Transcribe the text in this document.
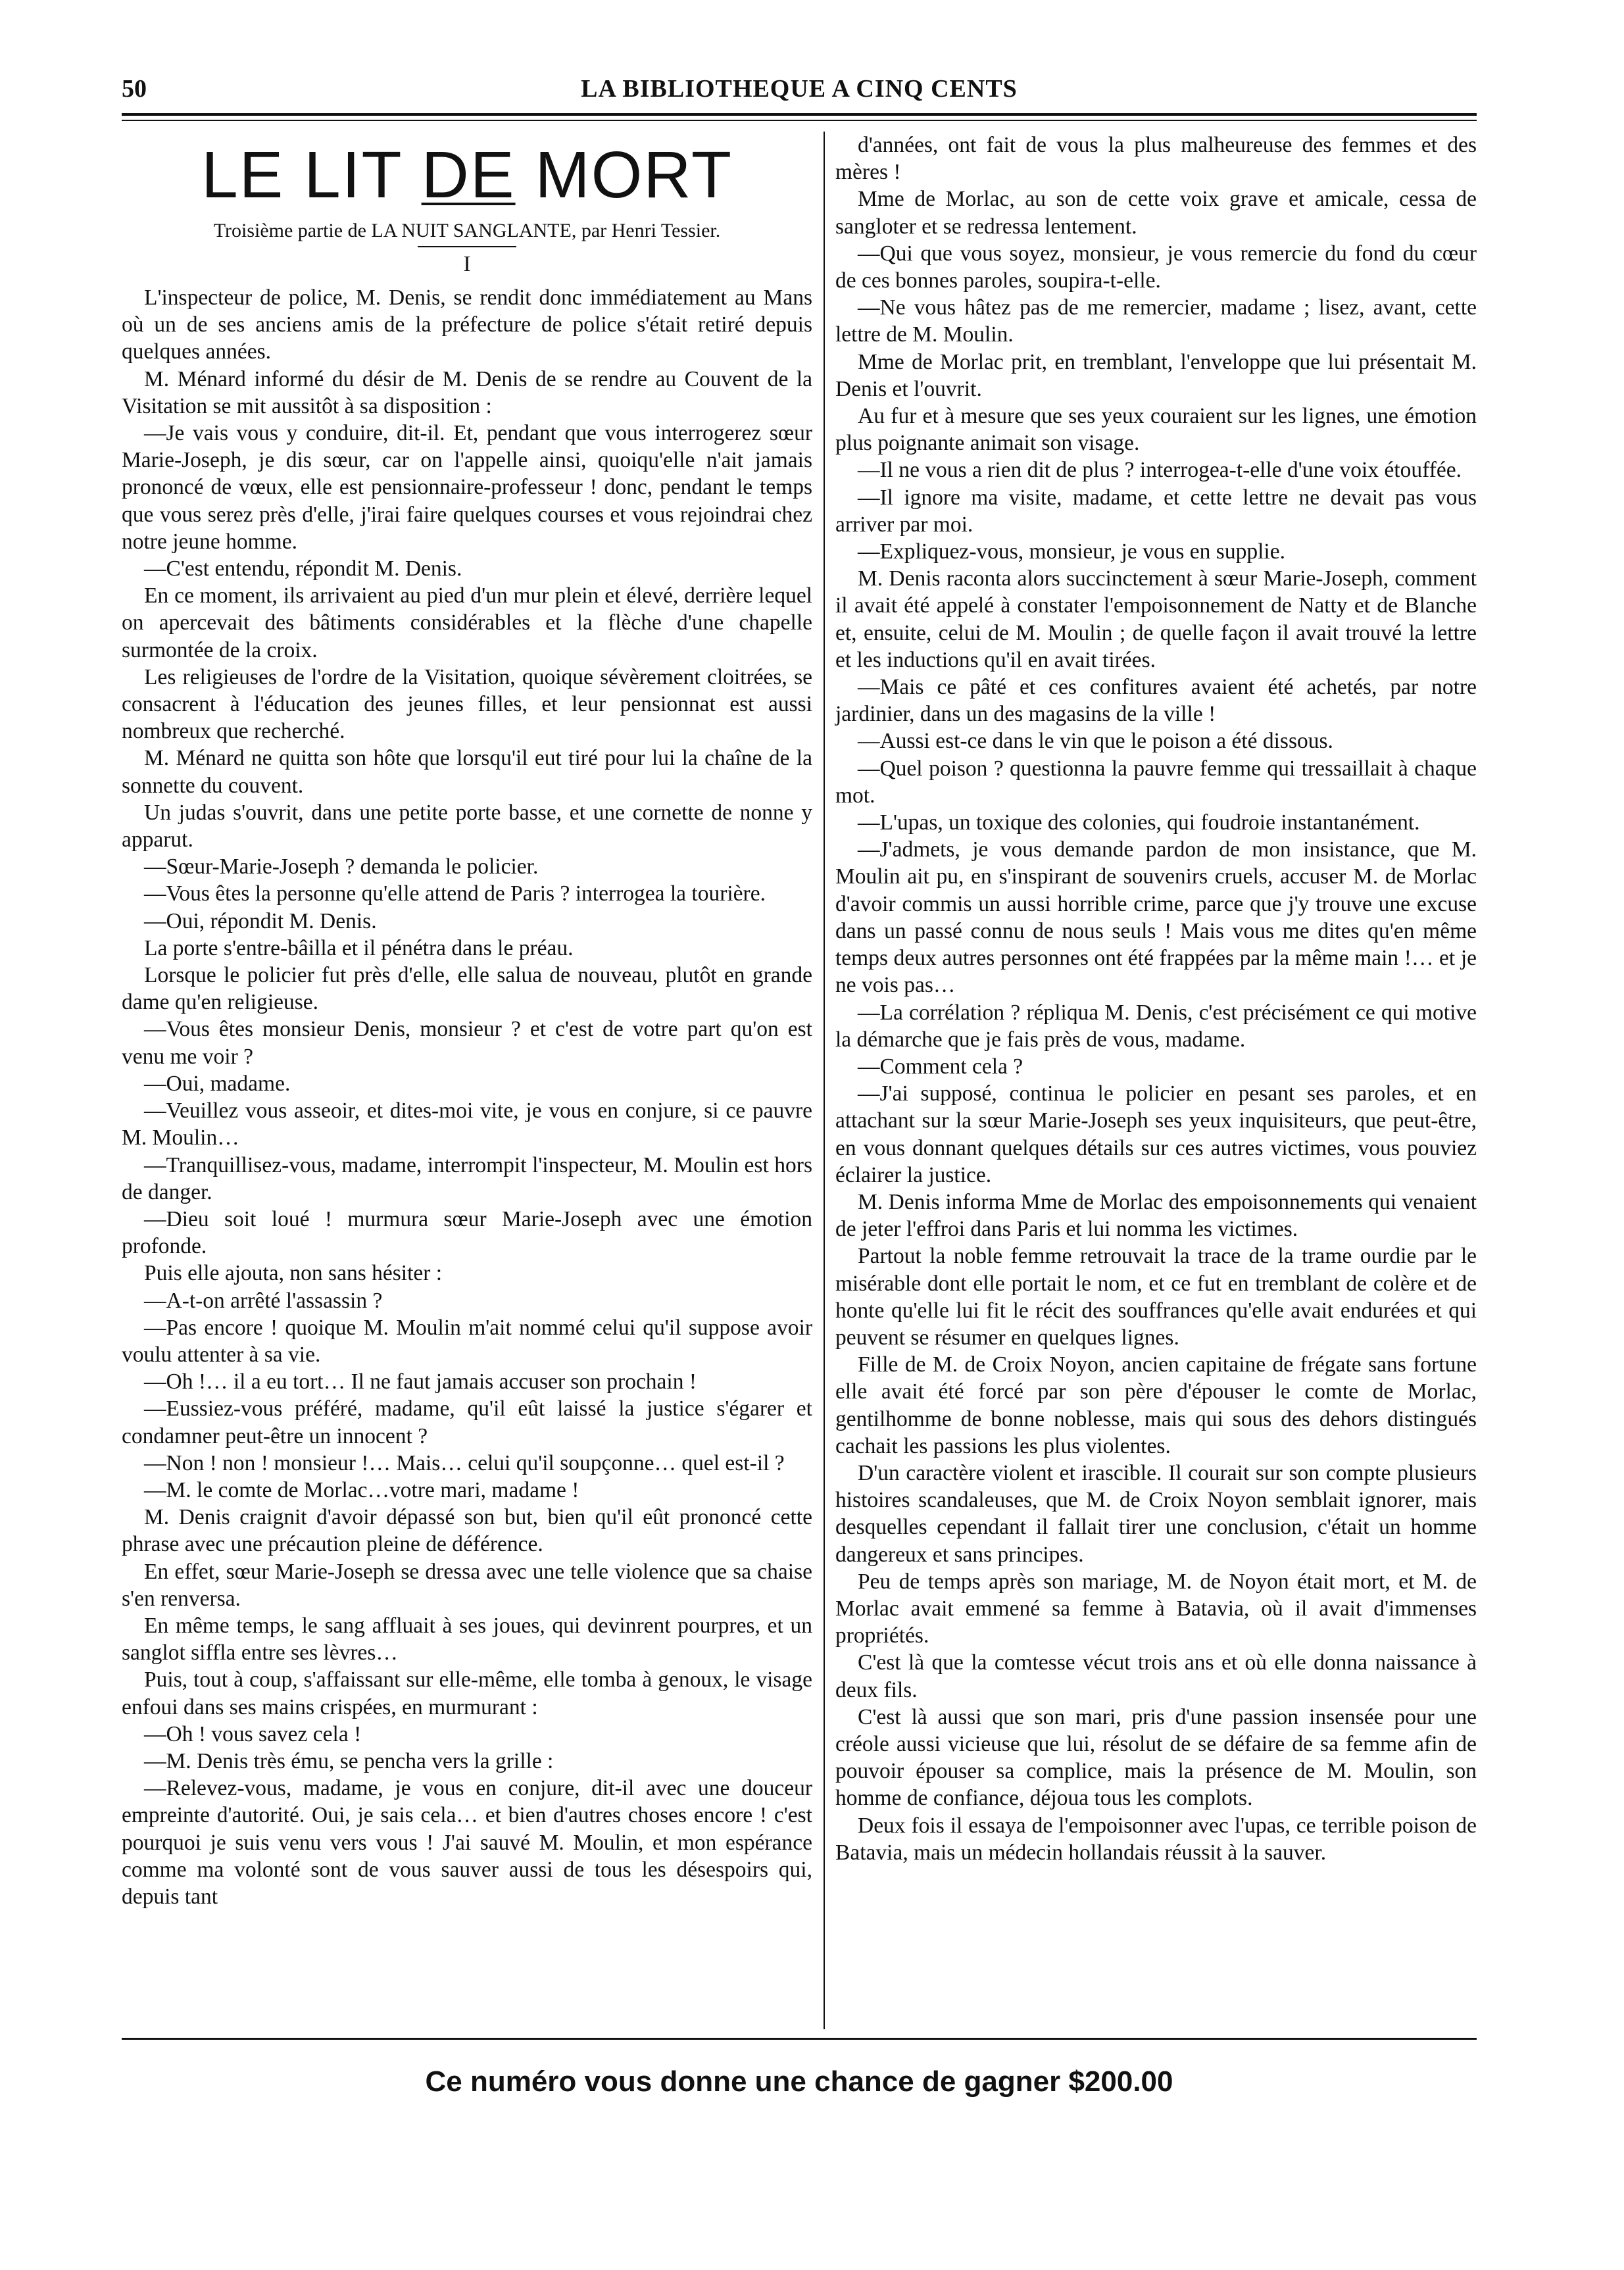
50	LA BIBLIOTHEQUE A CINQ CENTS
LE LIT DE MORT
Troisième partie de LA NUIT SANGLANTE, par Henri Tessier.
I

L'inspecteur de police, M. Denis, se rendit donc immédiatement au Mans où un de ses anciens amis de la préfecture de police s'était retiré depuis quelques années.

M. Ménard informé du désir de M. Denis de se rendre au Couvent de la Visitation se mit aussitôt à sa disposition :

—Je vais vous y conduire, dit-il. Et, pendant que vous interrogerez sœur Marie-Joseph, je dis sœur, car on l'appelle ainsi, quoiqu'elle n'ait jamais prononcé de vœux, elle est pensionnaire-professeur ! donc, pendant le temps que vous serez près d'elle, j'irai faire quelques courses et vous rejoindrai chez notre jeune homme.

—C'est entendu, répondit M. Denis.

En ce moment, ils arrivaient au pied d'un mur plein et élevé, derrière lequel on apercevait des bâtiments considérables et la flèche d'une chapelle surmontée de la croix.

Les religieuses de l'ordre de la Visitation, quoique sévèrement cloitrées, se consacrent à l'éducation des jeunes filles, et leur pensionnat est aussi nombreux que recherché.

M. Ménard ne quitta son hôte que lorsqu'il eut tiré pour lui la chaîne de la sonnette du couvent.

Un judas s'ouvrit, dans une petite porte basse, et une cornette de nonne y apparut.

—Sœur-Marie-Joseph ? demanda le policier.

—Vous êtes la personne qu'elle attend de Paris ? interrogea la tourière.

—Oui, répondit M. Denis.

La porte s'entre-bâilla et il pénétra dans le préau.

Lorsque le policier fut près d'elle, elle salua de nouveau, plutôt en grande dame qu'en religieuse.

—Vous êtes monsieur Denis, monsieur ? et c'est de votre part qu'on est venu me voir ?

—Oui, madame.

—Veuillez vous asseoir, et dites-moi vite, je vous en conjure, si ce pauvre M. Moulin…

—Tranquillisez-vous, madame, interrompit l'inspecteur, M. Moulin est hors de danger.

—Dieu soit loué ! murmura sœur Marie-Joseph avec une émotion profonde.

Puis elle ajouta, non sans hésiter :

—A-t-on arrêté l'assassin ?

—Pas encore ! quoique M. Moulin m'ait nommé celui qu'il suppose avoir voulu attenter à sa vie.

—Oh !… il a eu tort… Il ne faut jamais accuser son prochain !

—Eussiez-vous préféré, madame, qu'il eût laissé la justice s'égarer et condamner peut-être un innocent ?

—Non ! non ! monsieur !… Mais… celui qu'il soupçonne… quel est-il ?

—M. le comte de Morlac…votre mari, madame !

M. Denis craignit d'avoir dépassé son but, bien qu'il eût prononcé cette phrase avec une précaution pleine de déférence.

En effet, sœur Marie-Joseph se dressa avec une telle violence que sa chaise s'en renversa.

En même temps, le sang affluait à ses joues, qui devinrent pourpres, et un sanglot siffla entre ses lèvres…

Puis, tout à coup, s'affaissant sur elle-même, elle tomba à genoux, le visage enfoui dans ses mains crispées, en murmurant :

—Oh ! vous savez cela !

—M. Denis très ému, se pencha vers la grille :

—Relevez-vous, madame, je vous en conjure, dit-il avec une douceur empreinte d'autorité. Oui, je sais cela… et bien d'autres choses encore ! c'est pourquoi je suis venu vers vous ! J'ai sauvé M. Moulin, et mon espérance comme ma volonté sont de vous sauver aussi de tous les désespoirs qui, depuis tant

d'années, ont fait de vous la plus malheureuse des femmes et des mères !

Mme de Morlac, au son de cette voix grave et amicale, cessa de sangloter et se redressa lentement.

—Qui que vous soyez, monsieur, je vous remercie du fond du cœur de ces bonnes paroles, soupira-t-elle.

—Ne vous hâtez pas de me remercier, madame ; lisez, avant, cette lettre de M. Moulin.

Mme de Morlac prit, en tremblant, l'enveloppe que lui présentait M. Denis et l'ouvrit.

Au fur et à mesure que ses yeux couraient sur les lignes, une émotion plus poignante animait son visage.

—Il ne vous a rien dit de plus ? interrogea-t-elle d'une voix étouffée.

—Il ignore ma visite, madame, et cette lettre ne devait pas vous arriver par moi.

—Expliquez-vous, monsieur, je vous en supplie.

M. Denis raconta alors succinctement à sœur Marie-Joseph, comment il avait été appelé à constater l'empoisonnement de Natty et de Blanche et, ensuite, celui de M. Moulin ; de quelle façon il avait trouvé la lettre et les inductions qu'il en avait tirées.

—Mais ce pâté et ces confitures avaient été achetés, par notre jardinier, dans un des magasins de la ville !

—Aussi est-ce dans le vin que le poison a été dissous.

—Quel poison ? questionna la pauvre femme qui tressaillait à chaque mot.

—L'upas, un toxique des colonies, qui foudroie instantanément.

—J'admets, je vous demande pardon de mon insistance, que M. Moulin ait pu, en s'inspirant de souvenirs cruels, accuser M. de Morlac d'avoir commis un aussi horrible crime, parce que j'y trouve une excuse dans un passé connu de nous seuls ! Mais vous me dites qu'en même temps deux autres personnes ont été frappées par la même main !… et je ne vois pas…

—La corrélation ? répliqua M. Denis, c'est précisément ce qui motive la démarche que je fais près de vous, madame.

—Comment cela ?

—J'ai supposé, continua le policier en pesant ses paroles, et en attachant sur la sœur Marie-Joseph ses yeux inquisiteurs, que peut-être, en vous donnant quelques détails sur ces autres victimes, vous pouviez éclairer la justice.

M. Denis informa Mme de Morlac des empoisonnements qui venaient de jeter l'effroi dans Paris et lui nomma les victimes.

Partout la noble femme retrouvait la trace de la trame ourdie par le misérable dont elle portait le nom, et ce fut en tremblant de colère et de honte qu'elle lui fit le récit des souffrances qu'elle avait endurées et qui peuvent se résumer en quelques lignes.

Fille de M. de Croix Noyon, ancien capitaine de frégate sans fortune elle avait été forcé par son père d'épouser le comte de Morlac, gentilhomme de bonne noblesse, mais qui sous des dehors distingués cachait les passions les plus violentes.

D'un caractère violent et irascible. Il courait sur son compte plusieurs histoires scandaleuses, que M. de Croix Noyon semblait ignorer, mais desquelles cependant il fallait tirer une conclusion, c'était un homme dangereux et sans principes.

Peu de temps après son mariage, M. de Noyon était mort, et M. de Morlac avait emmené sa femme à Batavia, où il avait d'immenses propriétés.

C'est là que la comtesse vécut trois ans et où elle donna naissance à deux fils.

C'est là aussi que son mari, pris d'une passion insensée pour une créole aussi vicieuse que lui, résolut de se défaire de sa femme afin de pouvoir épouser sa complice, mais la présence de M. Moulin, son homme de confiance, déjoua tous les complots.

Deux fois il essaya de l'empoisonner avec l'upas, ce terrible poison de Batavia, mais un médecin hollandais réussit à la sauver.

Ce numéro vous donne une chance de gagner $200.00
